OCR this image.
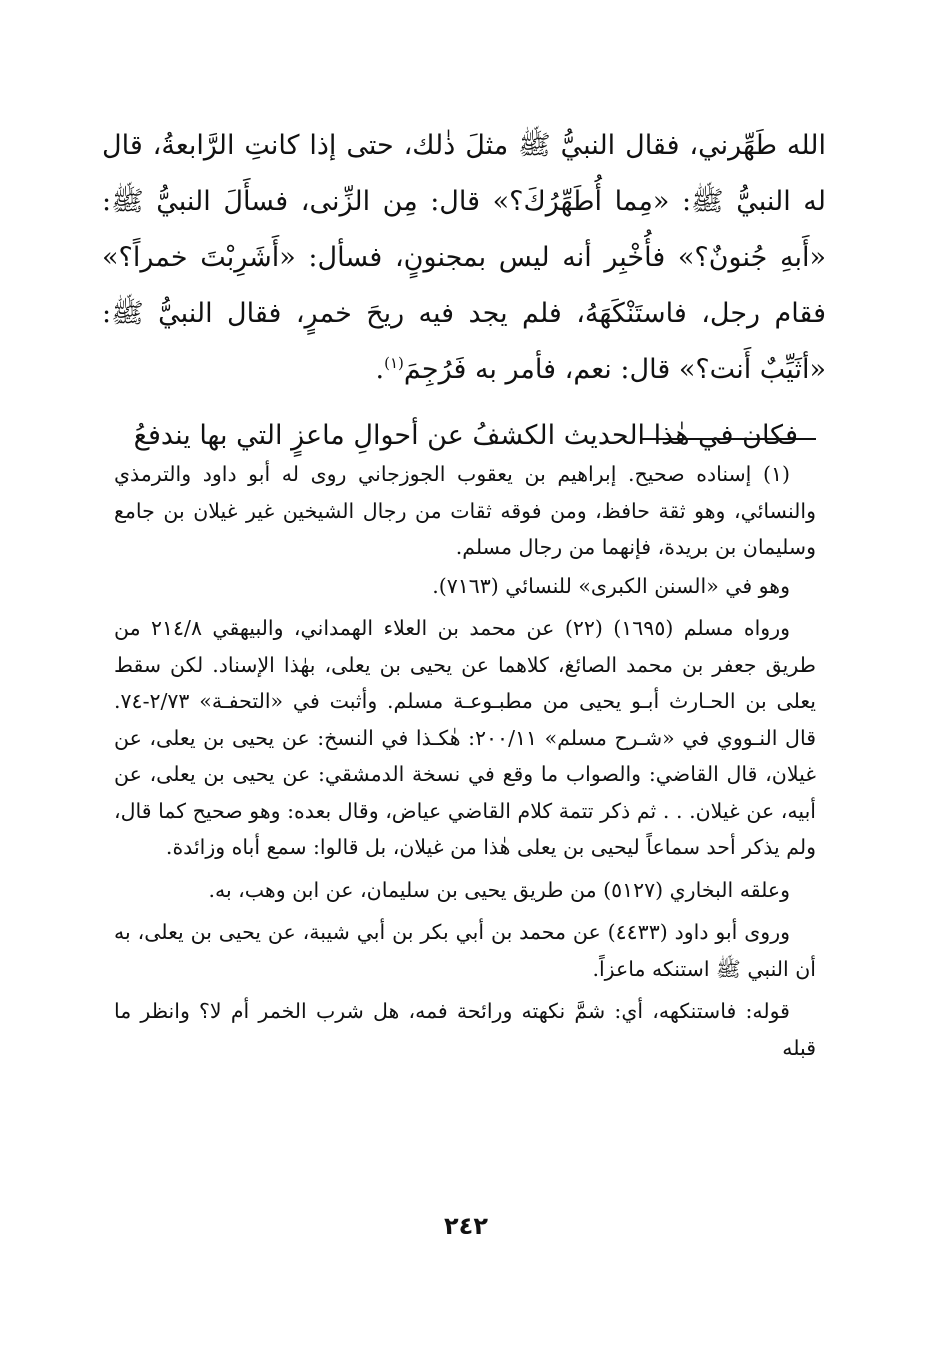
الله طَهِّرني، فقال النبيُّ ﷺ مثلَ ذٰلك، حتى إذا كانتِ الرَّابعةُ، قال له النبيُّ ﷺ: «مِما أُطَهِّرُكَ؟» قال: مِن الزِّنى، فسأَلَ النبيُّ ﷺ: «أَبهِ جُنونٌ؟» فأُخْبِر أنه ليس بمجنونٍ، فسأل: «أَشَرِبْتَ خمراً؟» فقام رجل، فاستَنْكَهَهُ، فلم يجد فيه ريحَ خمرٍ، فقال النبيُّ ﷺ: «أثَيِّبٌ أَنت؟» قال: نعم، فأمر به فَرُجِمَ$^{(١)}$.

فكان في هٰذا الحديث الكشفُ عن أحوالِ ماعزٍ التي بها يندفعُ

(١) إسناده صحيح. إبراهيم بن يعقوب الجوزجاني روى له أبو داود والترمذي والنسائي، وهو ثقة حافظ، ومن فوقه ثقات من رجال الشيخين غير غيلان بن جامع وسليمان بن بريدة، فإنهما من رجال مسلم.

وهو في «السنن الكبرى» للنسائي (٧١٦٣).

ورواه مسلم (١٦٩٥) (٢٢) عن محمد بن العلاء الهمداني، والبيهقي ٢١٤/٨ من طريق جعفر بن محمد الصائغ، كلاهما عن يحيى بن يعلى، بهٰذا الإسناد. لكن سقط يعلى بن الحـارث أبـو يحيى من مطبـوعـة مسلم. وأثبت في «التحفـة» ٢/٧٣-٧٤. قال النـووي في «شـرح مسلم» ٢٠٠/١١: هٰكـذا في النسخ: عن يحيى بن يعلى، عن غيلان، قال القاضي: والصواب ما وقع في نسخة الدمشقي: عن يحيى بن يعلى، عن أبيه، عن غيلان. . . ثم ذكر تتمة كلام القاضي عياض، وقال بعده: وهو صحيح كما قال، ولم يذكر أحد سماعاً ليحيى بن يعلى هٰذا من غيلان، بل قالوا: سمع أباه وزائدة.

وعلقه البخاري (٥١٢٧) من طريق يحيى بن سليمان، عن ابن وهب، به.

وروى أبو داود (٤٤٣٣) عن محمد بن أبي بكر بن أبي شيبة، عن يحيى بن يعلى، به أن النبي ﷺ استنكه ماعزاً.

قوله: فاستنكهه، أي: شمَّ نكهته ورائحة فمه، هل شرب الخمر أم لا؟ وانظر ما قبله

٢٤٢
